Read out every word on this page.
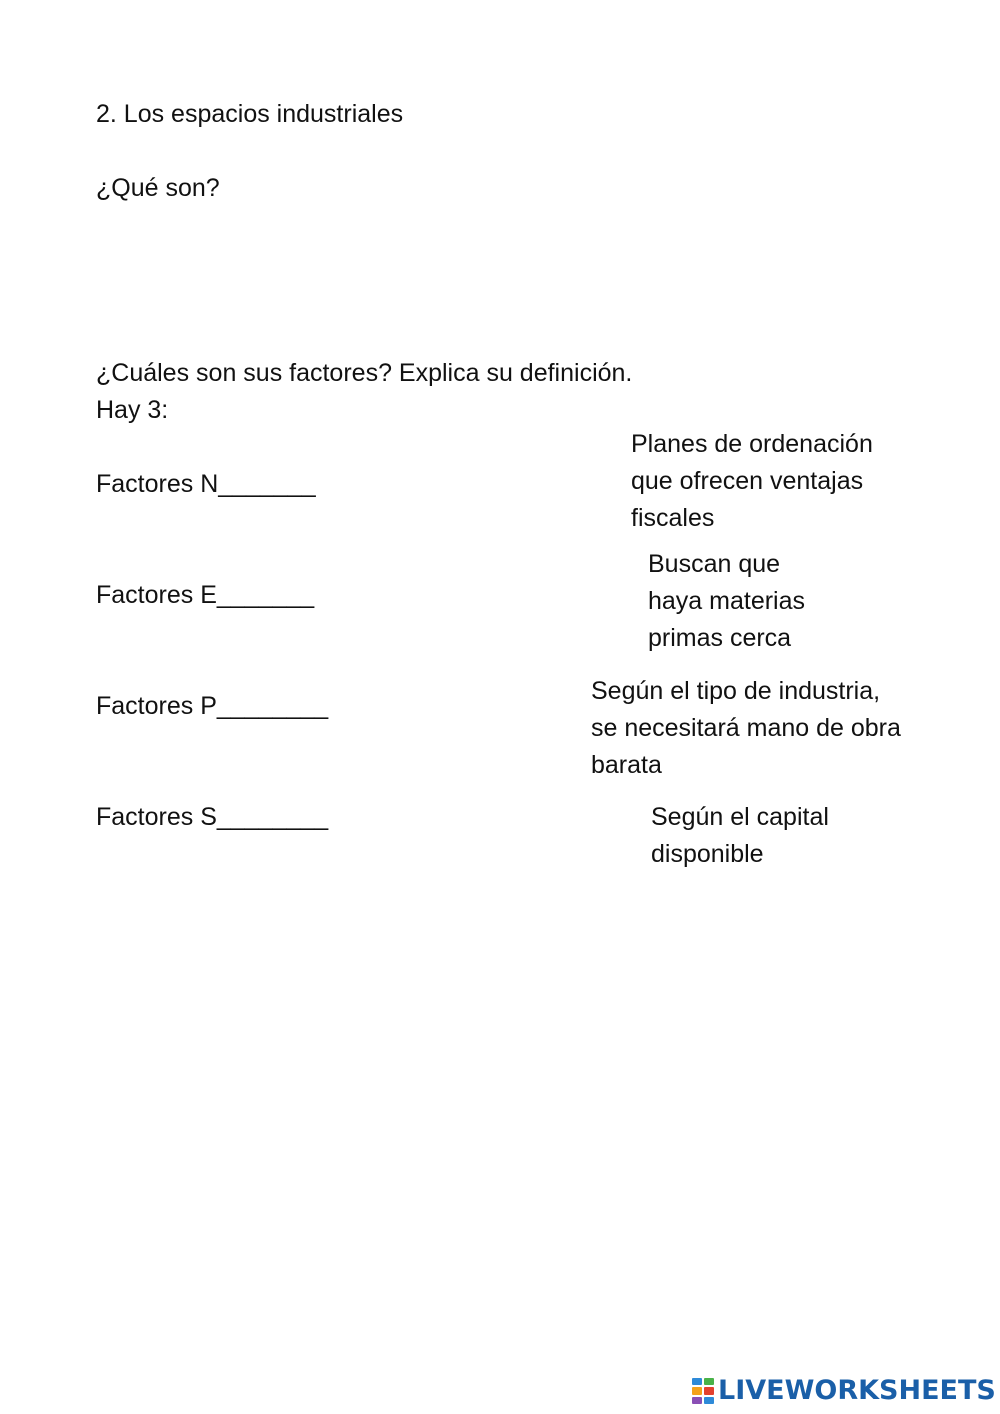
2. Los espacios industriales

¿Qué son?

¿Cuáles son sus factores? Explica su definición.

Hay 3:

Factores N_______

Factores E_______

Factores P________

Factores S________

Planes de ordenación
que ofrecen ventajas
fiscales
Buscan que
haya materias
primas cerca
Según el tipo de industria,
se necesitará mano de obra
barata
Según el capital
disponible
LIVEWORKSHEETS
